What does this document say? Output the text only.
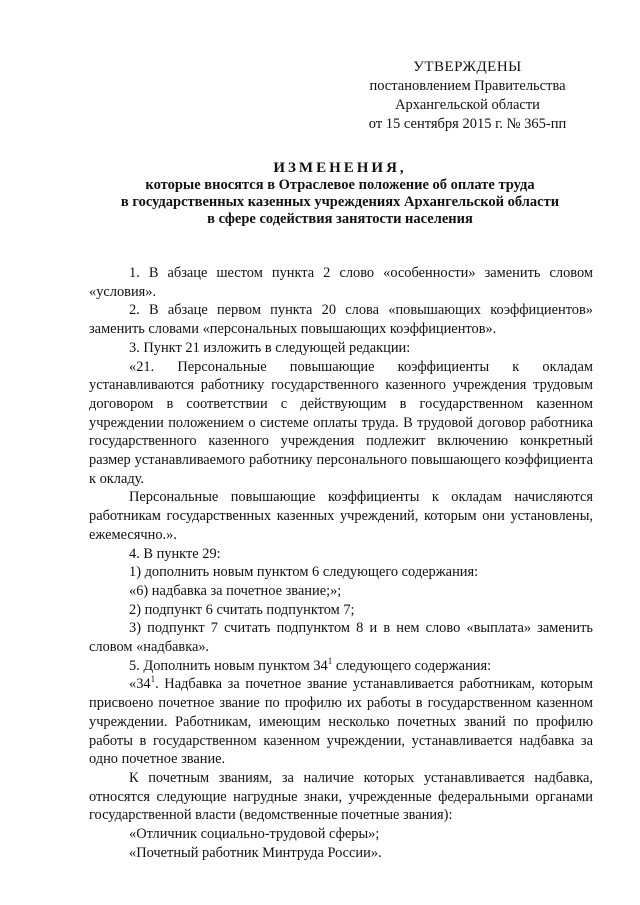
УТВЕРЖДЕНЫ
постановлением Правительства
Архангельской области
от 15 сентября 2015 г. № 365-пп
ИЗМЕНЕНИЯ,
которые вносятся в Отраслевое положение об оплате труда
в государственных казенных учреждениях Архангельской области
в сфере содействия занятости населения

1. В абзаце шестом пункта 2 слово «особенности» заменить словом «условия».

2. В абзаце первом пункта 20 слова «повышающих коэффициентов» заменить словами «персональных повышающих коэффициентов».

3. Пункт 21 изложить в следующей редакции:

«21. Персональные повышающие коэффициенты к окладам устанавливаются работнику государственного казенного учреждения трудовым договором в соответствии с действующим в государственном казенном учреждении положением о системе оплаты труда. В трудовой договор работника государственного казенного учреждения подлежит включению конкретный размер устанавливаемого работнику персонального повышающего коэффициента к окладу.

Персональные повышающие коэффициенты к окладам начисляются работникам государственных казенных учреждений, которым они установлены, ежемесячно.».

4. В пункте 29:

1) дополнить новым пунктом 6 следующего содержания:

«6) надбавка за почетное звание;»;

2) подпункт 6 считать подпунктом 7;

3) подпункт 7 считать подпунктом 8 и в нем слово «выплата» заменить словом «надбавка».

5. Дополнить новым пунктом $34^1$ следующего содержания:

«$34^1$. Надбавка за почетное звание устанавливается работникам, которым присвоено почетное звание по профилю их работы в государственном казенном учреждении. Работникам, имеющим несколько почетных званий по профилю работы в государственном казенном учреждении, устанавливается надбавка за одно почетное звание.

К почетным званиям, за наличие которых устанавливается надбавка, относятся следующие нагрудные знаки, учрежденные федеральными органами государственной власти (ведомственные почетные звания):

«Отличник социально-трудовой сферы»;

«Почетный работник Минтруда России».
